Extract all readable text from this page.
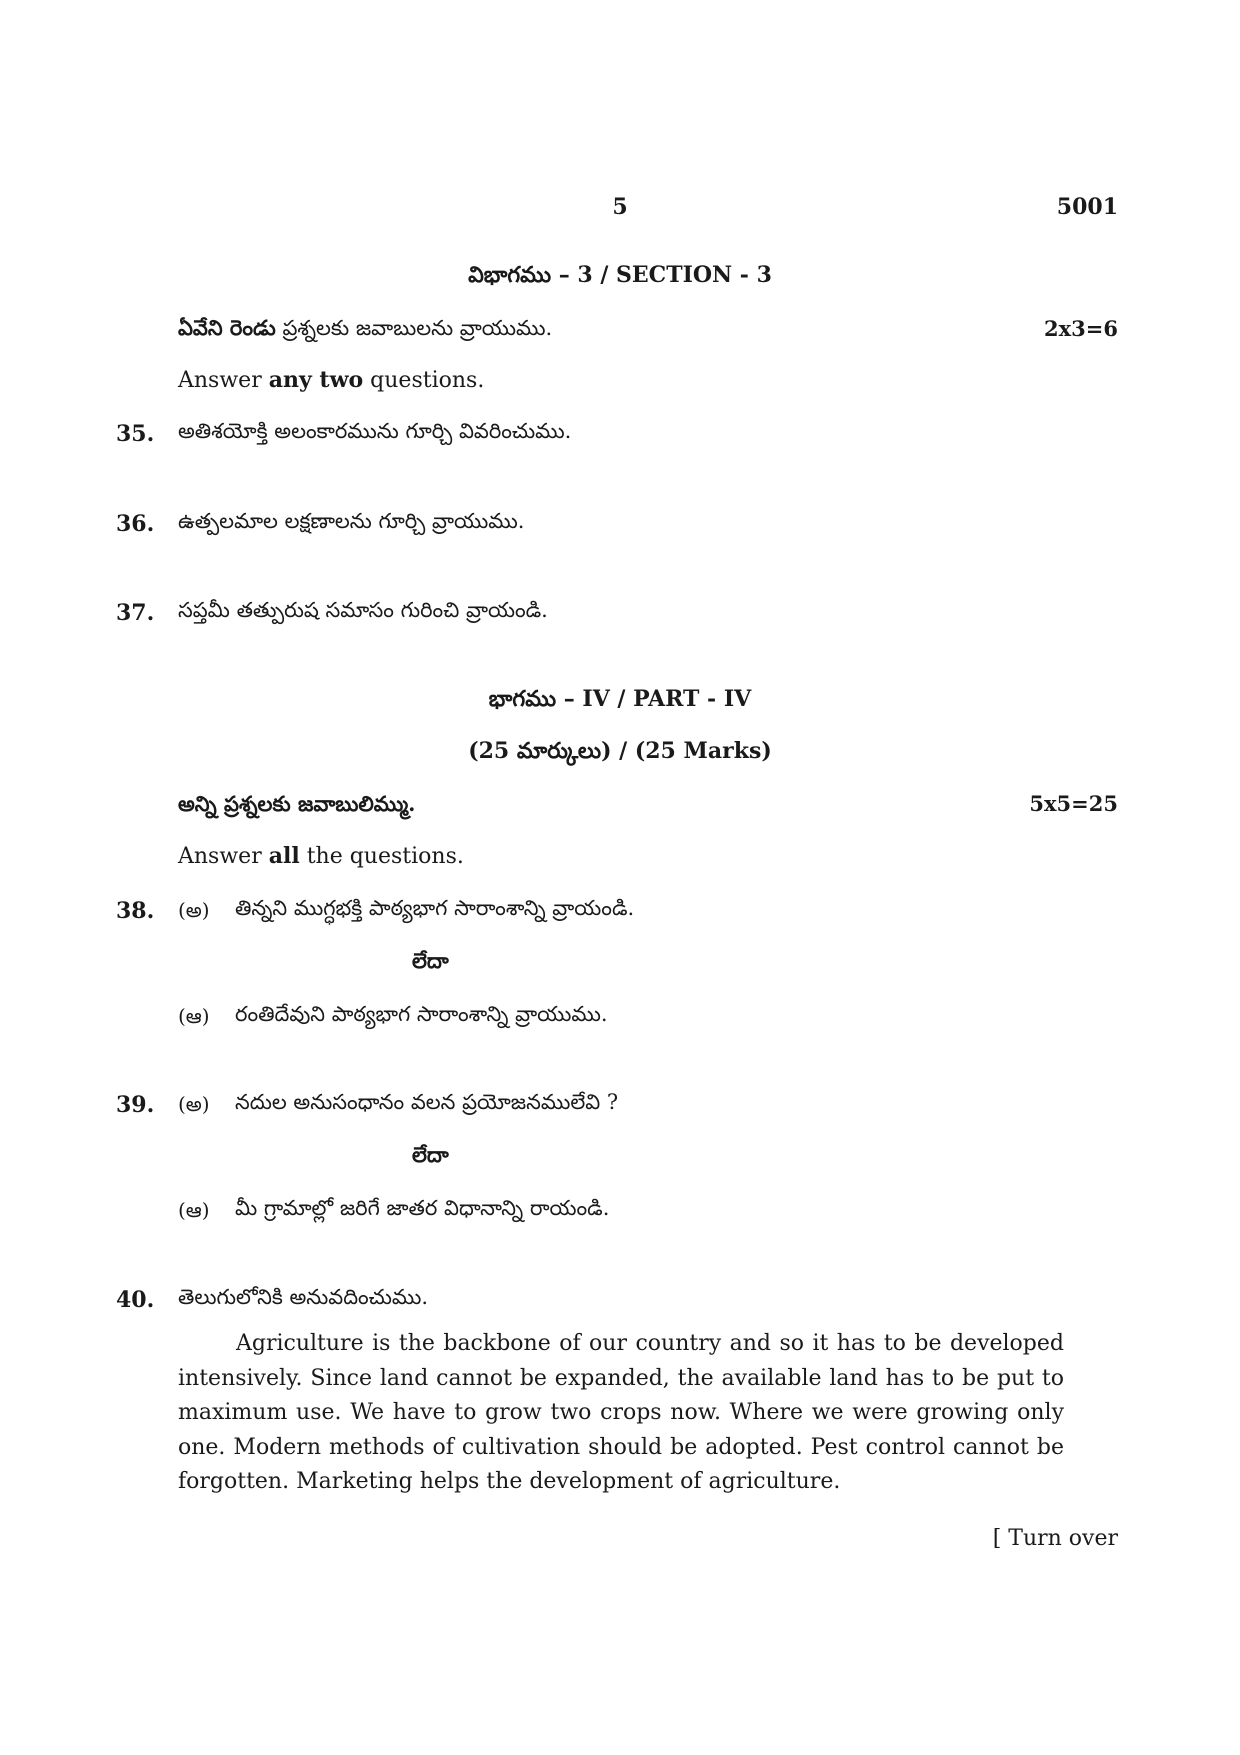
5	5001
విభాగము – 3 / SECTION - 3
ఏవేని రెండు ప్రశ్నలకు జవాబులను వ్రాయుము.	2x3=6
Answer any two questions.
35. అతిశయోక్తి అలంకారమును గూర్చి వివరించుము.
36. ఉత్పలమాల లక్షణాలను గూర్చి వ్రాయుము.
37. సప్తమీ తత్పురుష సమాసం గురించి వ్రాయండి.
భాగము – IV / PART - IV
(25 మార్కులు) / (25 Marks)
అన్ని ప్రశ్నలకు జవాబులిమ్ము.	5x5=25
Answer all the questions.
38. (అ) తిన్నని ముగ్ధభక్తి పాఠ్యభాగ సారాంశాన్ని వ్రాయండి.
లేదా
(ఆ) రంతిదేవుని పాఠ్యభాగ సారాంశాన్ని వ్రాయుము.
39. (అ) నదుల అనుసంధానం వలన ప్రయోజనములేవి ?
లేదా
(ఆ) మీ గ్రామాల్లో జరిగే జాతర విధానాన్ని రాయండి.
40. తెలుగులోనికి అనువదించుము.
Agriculture is the backbone of our country and so it has to be developed intensively. Since land cannot be expanded, the available land has to be put to maximum use. We have to grow two crops now. Where we were growing only one. Modern methods of cultivation should be adopted. Pest control cannot be forgotten. Marketing helps the development of agriculture.
[ Turn over
